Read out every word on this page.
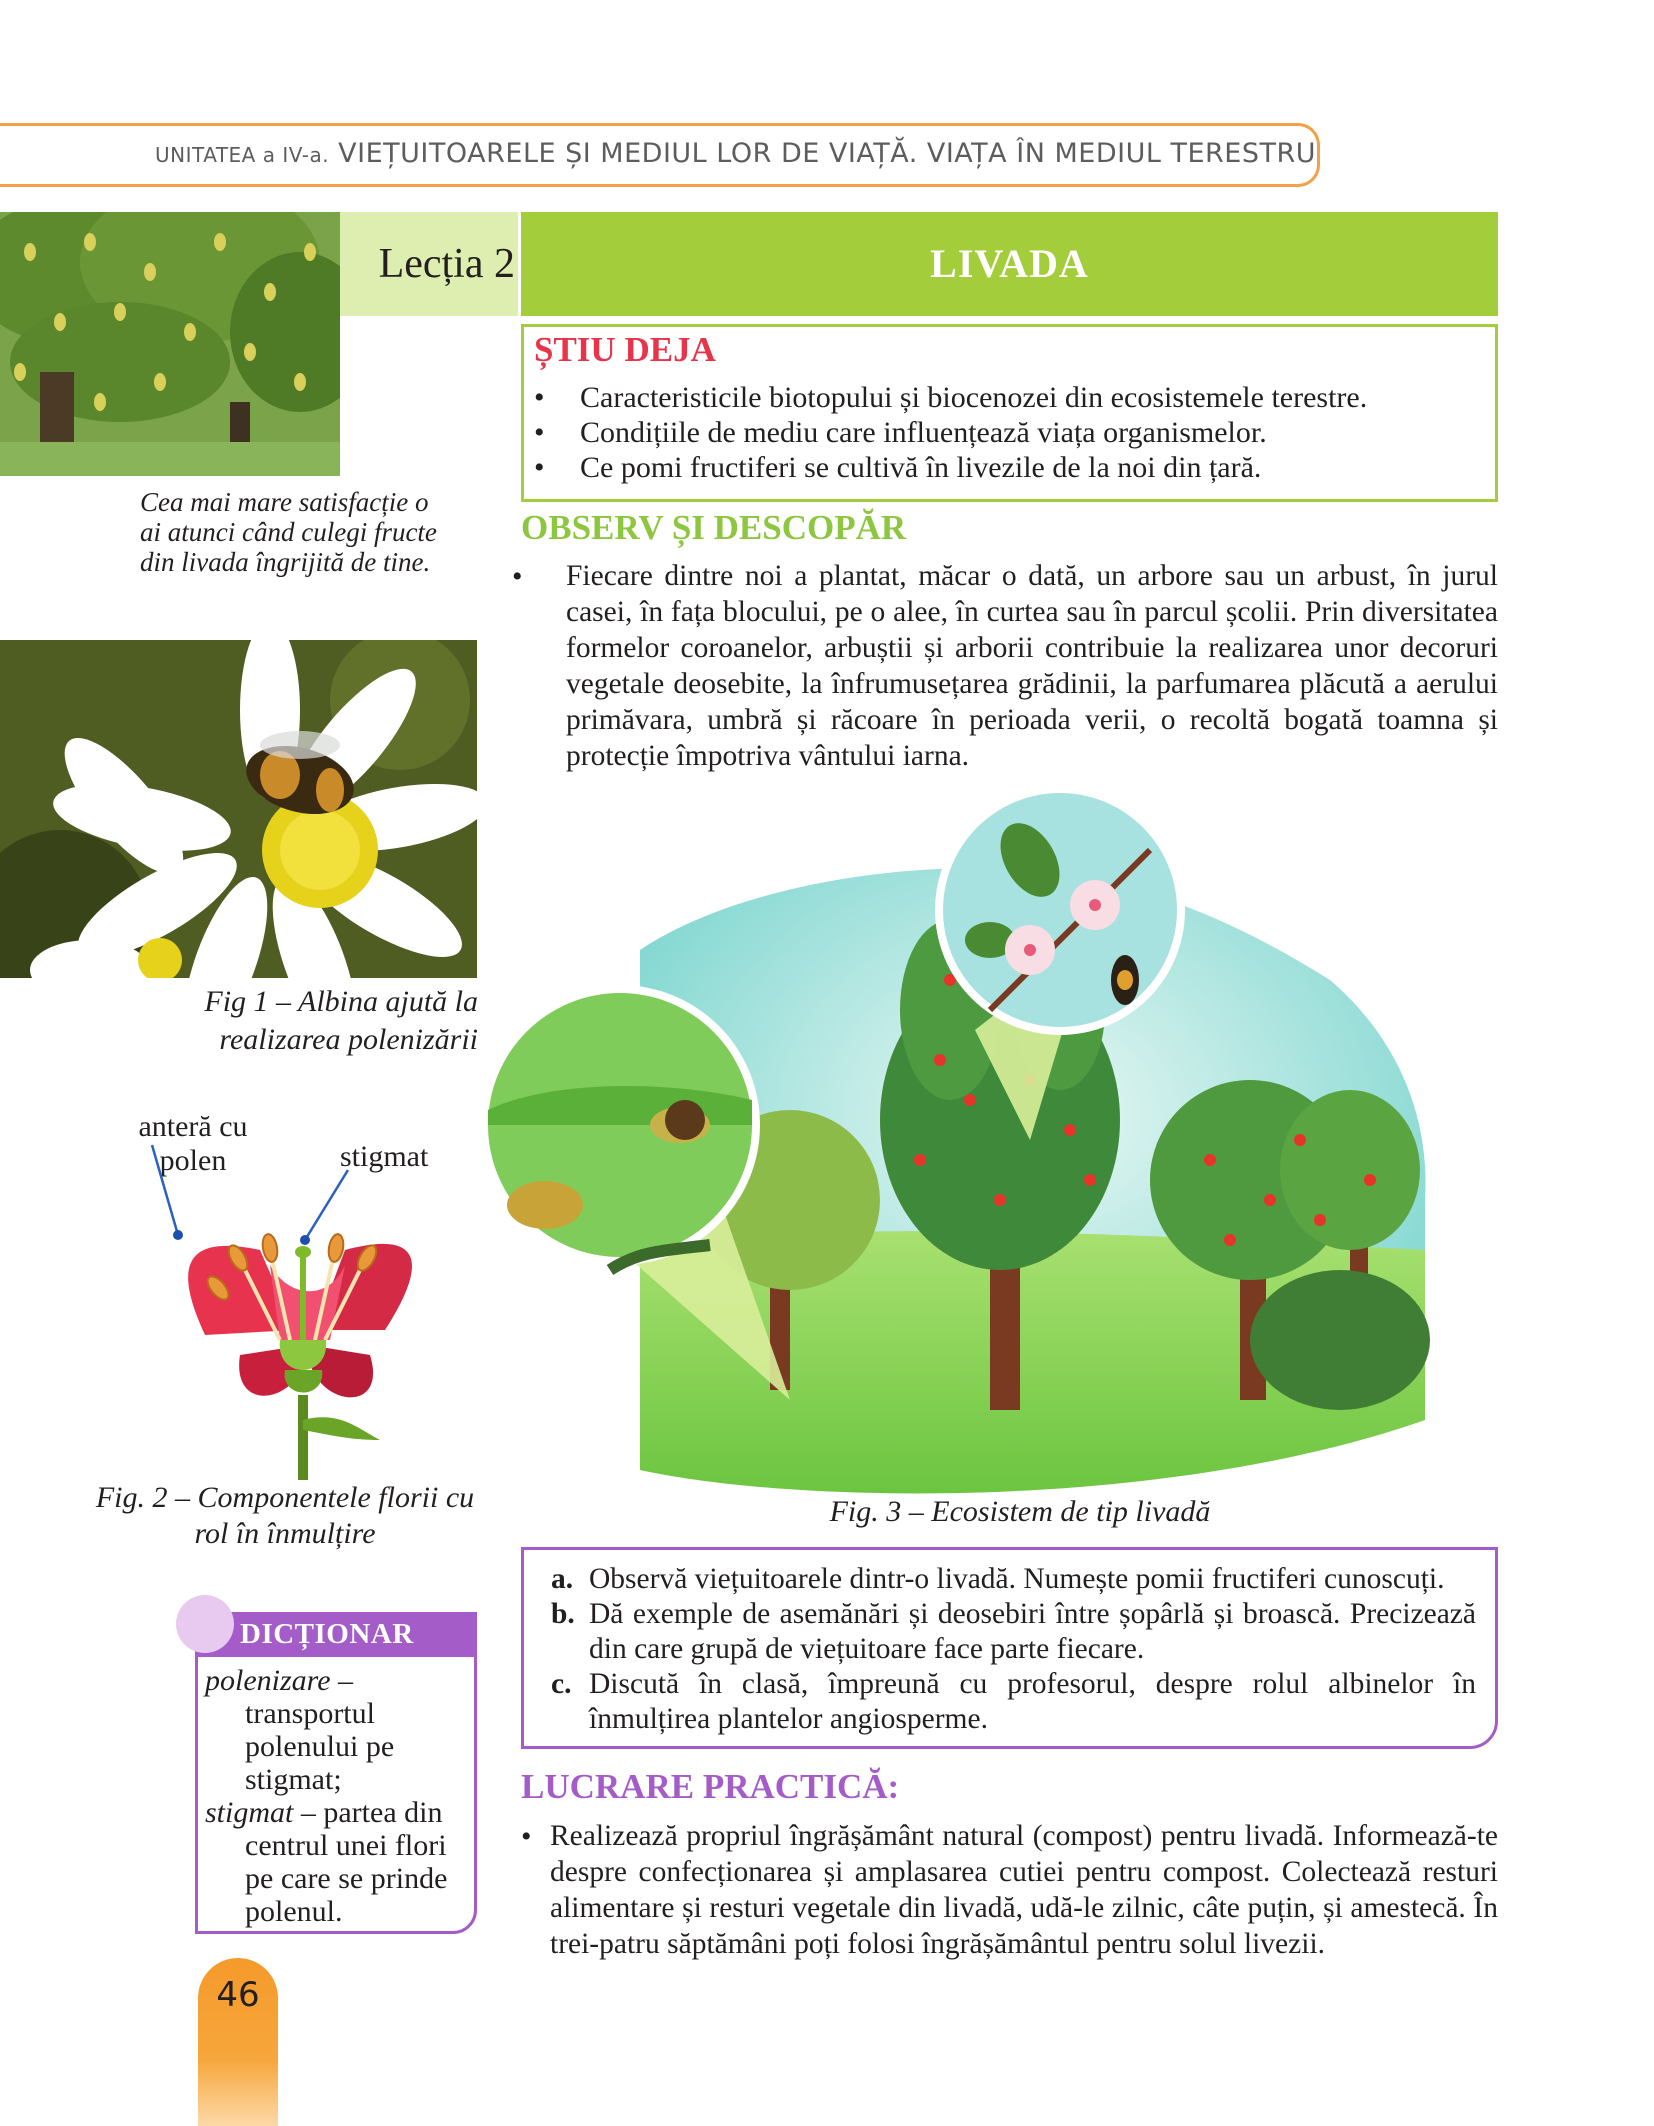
UNITATEA a IV-a. VIEȚUITOARELE ȘI MEDIUL LOR DE VIAȚĂ. VIAȚA ÎN MEDIUL TERESTRU
Cea mai mare satisfacție o ai atunci când culegi fructe din livada îngrijită de tine.
Lecția 2	LIVADA
ȘTIU DEJA
• Caracteristicile biotopului și biocenozei din ecosistemele terestre.
• Condițiile de mediu care influențează viața organismelor.
• Ce pomi fructiferi se cultivă în livezile de la noi din țară.
OBSERV ȘI DESCOPĂR
• Fiecare dintre noi a plantat, măcar o dată, un arbore sau un arbust, în jurul casei, în fața blocului, pe o alee, în curtea sau în parcul școlii. Prin diversitatea formelor coroanelor, arbuștii și arborii contribuie la realizarea unor decoruri vegetale deosebite, la înfrumusețarea grădinii, la parfumarea plăcută a aerului primăvara, umbră și răcoare în perioada verii, o recoltă bogată toamna și protecție împotriva vântului iarna.
Fig 1 – Albina ajută la realizarea polenizării
anteră cu polen	stigmat
Fig. 2 – Componentele florii cu rol în înmulțire
Fig. 3 – Ecosistem de tip livadă
a. Observă viețuitoarele dintr-o livadă. Numește pomii fructiferi cunoscuți.
b. Dă exemple de asemănări și deosebiri între șopârlă și broască. Precizează din care grupă de viețuitoare face parte fiecare.
c. Discută în clasă, împreună cu profesorul, despre rolul albinelor în înmulțirea plantelor angiosperme.
DICȚIONAR
polenizare –
transportul polenului pe stigmat;
stigmat – partea din
centrul unei flori pe care se prinde polenul.
LUCRARE PRACTICĂ:
• Realizează propriul îngrășământ natural (compost) pentru livadă. Informează-te despre confecționarea și amplasarea cutiei pentru compost. Colectează resturi alimentare și resturi vegetale din livadă, udă-le zilnic, câte puțin, și amestecă. În trei-patru săptămâni poți folosi îngrășământul pentru solul livezii.
46
